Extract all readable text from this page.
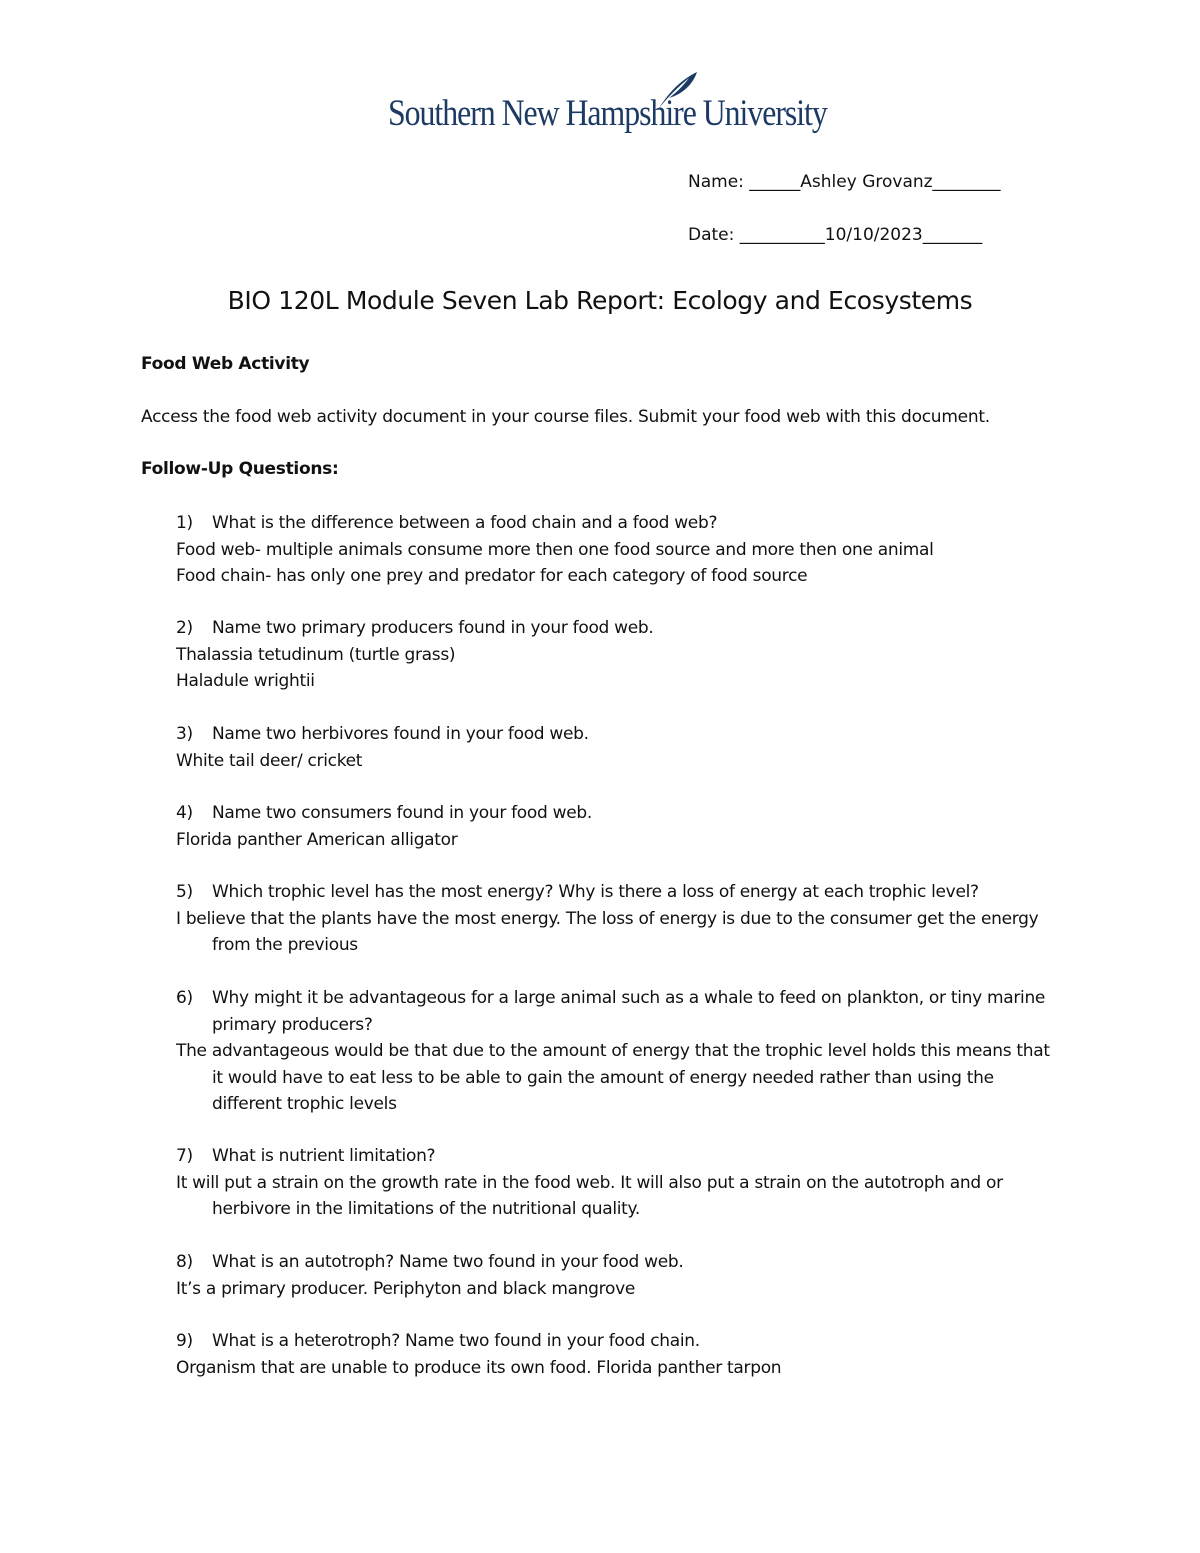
Southern New Hampshire University
Name: ______Ashley Grovanz________
Date: __________10/10/2023_______
BIO 120L Module Seven Lab Report: Ecology and Ecosystems
Food Web Activity
Access the food web activity document in your course files. Submit your food web with this document.
Follow-Up Questions:
1) What is the difference between a food chain and a food web?
Food web- multiple animals consume more then one food source and more then one animal
Food chain- has only one prey and predator for each category of food source
2) Name two primary producers found in your food web.
Thalassia tetudinum (turtle grass)
Haladule wrightii
3) Name two herbivores found in your food web.
White tail deer/ cricket
4) Name two consumers found in your food web.
Florida panther American alligator
5) Which trophic level has the most energy? Why is there a loss of energy at each trophic level?
I believe that the plants have the most energy. The loss of energy is due to the consumer get the energy from the previous
6) Why might it be advantageous for a large animal such as a whale to feed on plankton, or tiny marine primary producers?
The advantageous would be that due to the amount of energy that the trophic level holds this means that it would have to eat less to be able to gain the amount of energy needed rather than using the different trophic levels
7) What is nutrient limitation?
It will put a strain on the growth rate in the food web. It will also put a strain on the autotroph and or herbivore in the limitations of the nutritional quality.
8) What is an autotroph? Name two found in your food web.
It’s a primary producer. Periphyton and black mangrove
9) What is a heterotroph? Name two found in your food chain.
Organism that are unable to produce its own food. Florida panther tarpon
